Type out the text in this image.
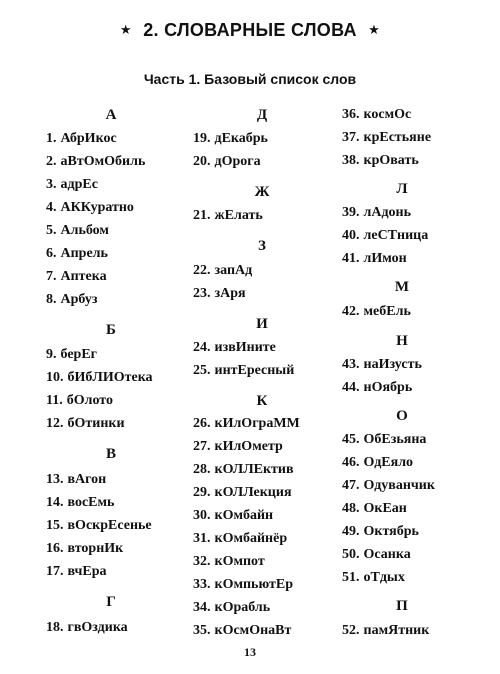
★ 2. СЛОВАРНЫЕ СЛОВА ★
Часть 1. Базовый список слов
А
1. АбрИкос
2. аВтОмОбиль
3. адрЕс
4. АККуратно
5. Альбом
6. Апрель
7. Аптека
8. Арбуз
Б
9. берЕг
10. бИбЛИОтека
11. бОлото
12. бОтинки
В
13. вАгон
14. восЕмь
15. вОскрЕсенье
16. вторнИк
17. вчЕра
Г
18. гвОздика
Д
19. дЕкабрь
20. дОрога
Ж
21. жЕлать
З
22. запАд
23. зАря
И
24. извИните
25. интЕресный
К
26. кИлОграММ
27. кИлОметр
28. кОЛЛЕктив
29. кОЛЛекция
30. кОмбайн
31. кОмбайнёр
32. кОмпот
33. кОмпьютЕр
34. кОрабль
35. кОсмОнаВт
36. космОс
37. крЕстьяне
38. крОвать
Л
39. лАдонь
40. леСТница
41. лИмон
М
42. мебЕль
Н
43. наИзусть
44. нОябрь
О
45. ОбЕзьяна
46. ОдЕяло
47. Одуванчик
48. ОкЕан
49. Октябрь
50. Осанка
51. оТдых
П
52. памЯтник
13
